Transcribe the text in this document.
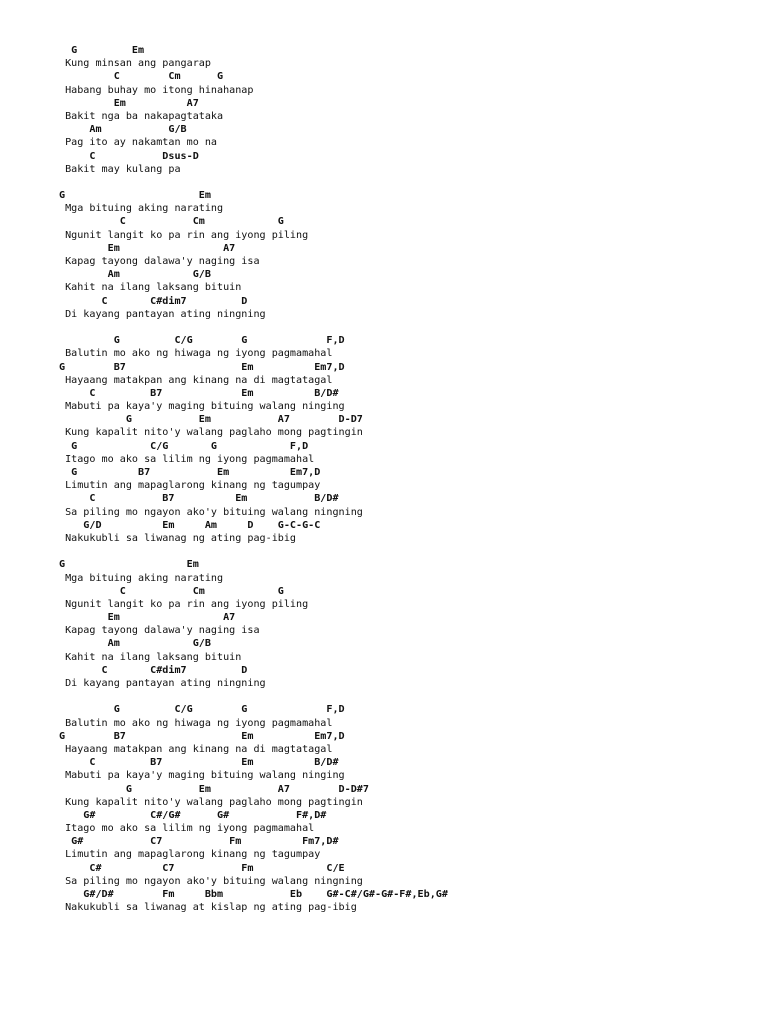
G         Em
Kung minsan ang pangarap
C        Cm      G
Habang buhay mo itong hinahanap
Em          A7
Bakit nga ba nakapagtataka
Am           G/B
Pag ito ay nakamtan mo na
C           Dsus-D
Bakit may kulang pa
G                      Em
Mga bituing aking narating
C           Cm            G
Ngunit langit ko pa rin ang iyong piling
Em                 A7
Kapag tayong dalawa'y naging isa
Am            G/B
Kahit na ilang laksang bituin
C       C#dim7         D
Di kayang pantayan ating ningning
G         C/G        G             F,D
Balutin mo ako ng hiwaga ng iyong pagmamahal
G        B7                   Em          Em7,D
Hayaang matakpan ang kinang na di magtatagal
C         B7             Em          B/D#
Mabuti pa kaya'y maging bituing walang ninging
G           Em           A7        D-D7
Kung kapalit nito'y walang paglaho mong pagtingin
G            C/G       G            F,D
Itago mo ako sa lilim ng iyong pagmamahal
G          B7           Em          Em7,D
Limutin ang mapaglarong kinang ng tagumpay
C           B7          Em           B/D#
Sa piling mo ngayon ako'y bituing walang ningning
G/D          Em     Am     D    G-C-G-C
Nakukubli sa liwanag ng ating pag-ibig
G                    Em
Mga bituing aking narating
C           Cm            G
Ngunit langit ko pa rin ang iyong piling
Em                 A7
Kapag tayong dalawa'y naging isa
Am            G/B
Kahit na ilang laksang bituin
C       C#dim7         D
Di kayang pantayan ating ningning
G         C/G        G             F,D
Balutin mo ako ng hiwaga ng iyong pagmamahal
G        B7                   Em          Em7,D
Hayaang matakpan ang kinang na di magtatagal
C         B7             Em          B/D#
Mabuti pa kaya'y maging bituing walang ninging
G           Em           A7        D-D#7
Kung kapalit nito'y walang paglaho mong pagtingin
G#         C#/G#      G#           F#,D#
Itago mo ako sa lilim ng iyong pagmamahal
G#           C7           Fm          Fm7,D#
Limutin ang mapaglarong kinang ng tagumpay
C#          C7           Fm            C/E
Sa piling mo ngayon ako'y bituing walang ningning
G#/D#        Fm     Bbm           Eb    G#-C#/G#-G#-F#,Eb,G#
Nakukubli sa liwanag at kislap ng ating pag-ibig
